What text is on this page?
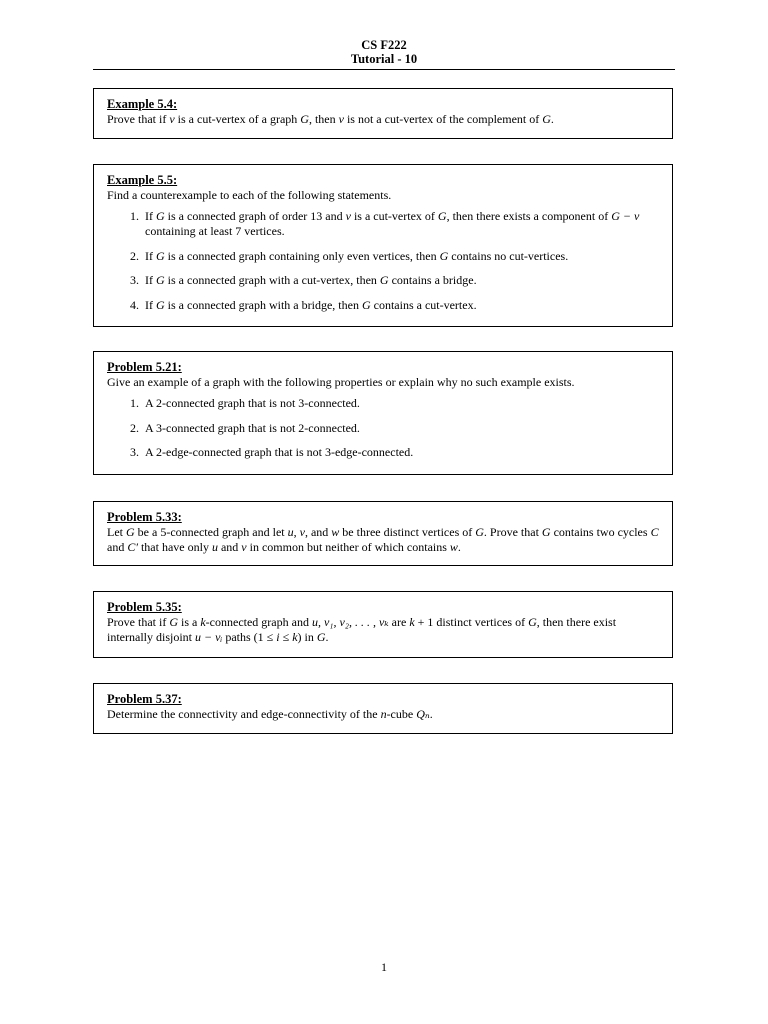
CS F222
Tutorial - 10
Example 5.4:
Prove that if v is a cut-vertex of a graph G, then v is not a cut-vertex of the complement of G.
Example 5.5:
Find a counterexample to each of the following statements.
1. If G is a connected graph of order 13 and v is a cut-vertex of G, then there exists a component of G − v containing at least 7 vertices.
2. If G is a connected graph containing only even vertices, then G contains no cut-vertices.
3. If G is a connected graph with a cut-vertex, then G contains a bridge.
4. If G is a connected graph with a bridge, then G contains a cut-vertex.
Problem 5.21:
Give an example of a graph with the following properties or explain why no such example exists.
1. A 2-connected graph that is not 3-connected.
2. A 3-connected graph that is not 2-connected.
3. A 2-edge-connected graph that is not 3-edge-connected.
Problem 5.33:
Let G be a 5-connected graph and let u, v, and w be three distinct vertices of G. Prove that G contains two cycles C and C′ that have only u and v in common but neither of which contains w.
Problem 5.35:
Prove that if G is a k-connected graph and u, v₁, v₂, . . . , vₖ are k + 1 distinct vertices of G, then there exist internally disjoint u − vᵢ paths (1 ≤ i ≤ k) in G.
Problem 5.37:
Determine the connectivity and edge-connectivity of the n-cube Qₙ.
1
